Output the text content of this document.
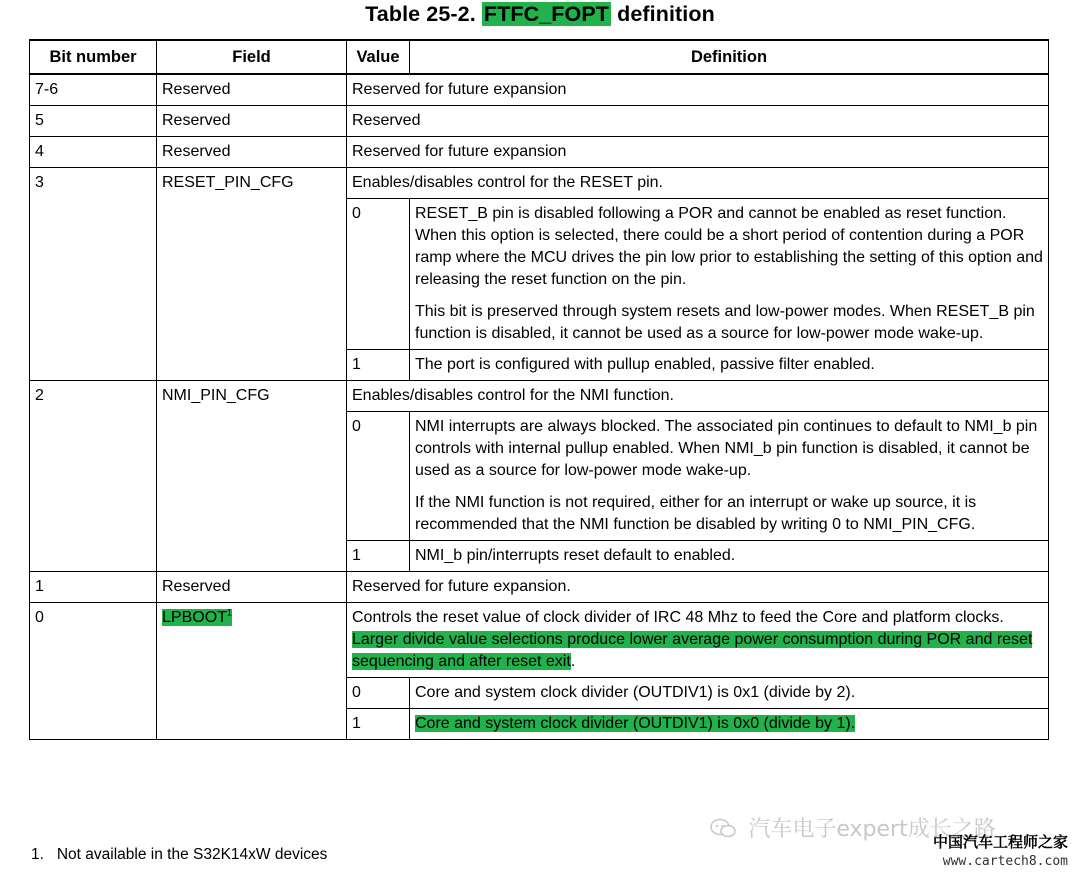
Table 25-2. FTFC_FOPT definition
Bit number	Field	Value	Definition
7-6	Reserved	Reserved for future expansion	
5	Reserved	Reserved	
4	Reserved	Reserved for future expansion	
3	RESET_PIN_CFG	Enables/disables control for the RESET pin.	
		0	RESET_B pin is disabled following a POR and cannot be enabled as reset function. When this option is selected, there could be a short period of contention during a POR ramp where the MCU drives the pin low prior to establishing the setting of this option and releasing the reset function on the pin.

This bit is preserved through system resets and low-power modes. When RESET_B pin function is disabled, it cannot be used as a source for low-power mode wake-up.

		1	The port is configured with pullup enabled, passive filter enabled.
2	NMI_PIN_CFG	Enables/disables control for the NMI function.	
		0	NMI interrupts are always blocked. The associated pin continues to default to NMI_b pin controls with internal pullup enabled. When NMI_b pin function is disabled, it cannot be used as a source for low-power mode wake-up.

If the NMI function is not required, either for an interrupt or wake up source, it is recommended that the NMI function be disabled by writing 0 to NMI_PIN_CFG.

		1	NMI_b pin/interrupts reset default to enabled.
1	Reserved	Reserved for future expansion.	
0	LPBOOT$^1$	Controls the reset value of clock divider of IRC 48 Mhz to feed the Core and platform clocks. Larger divide value selections produce lower average power consumption during POR and reset sequencing and after reset exit.	
		0	Core and system clock divider (OUTDIV1) is 0x1 (divide by 2).
		1	Core and system clock divider (OUTDIV1) is 0x0 (divide by 1).
1. Not available in the S32K14xW devices
汽车电子expert成长之路
中国汽车工程师之家
www.cartech8.com
